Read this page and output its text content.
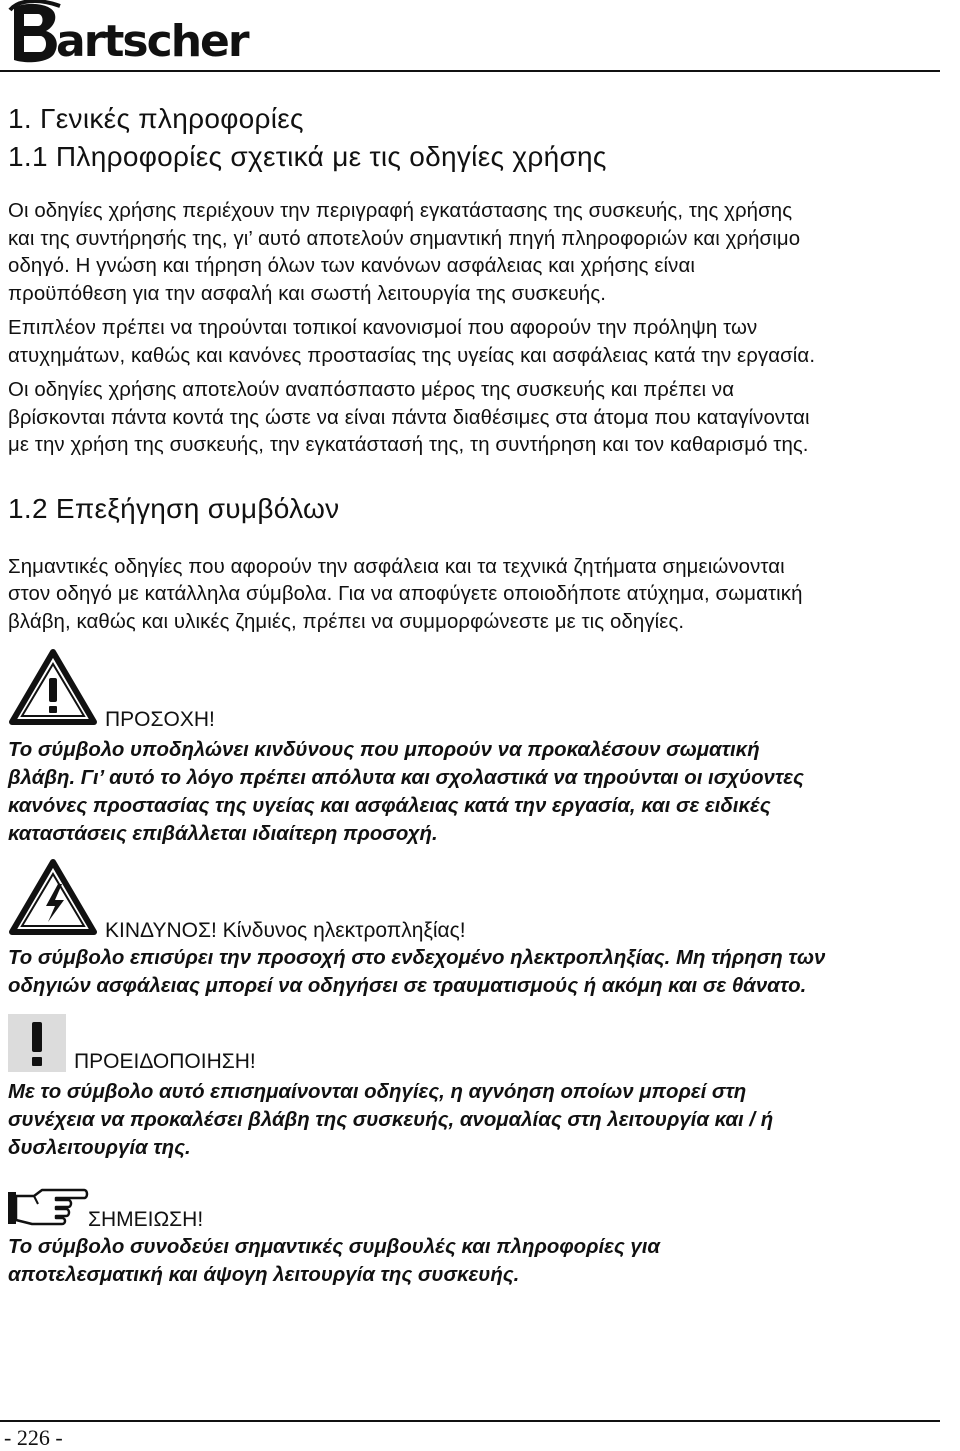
artscher
1. Γενικές πληροφορίες
1.1 Πληροφορίες σχετικά με τις οδηγίες χρήσης

Οι οδηγίες χρήσης περιέχουν την περιγραφή εγκατάστασης της συσκευής, της χρήσης
και της συντήρησής της, γι’ αυτό αποτελούν σημαντική πηγή πληροφοριών και χρήσιμο
οδηγό. Η γνώση και τήρηση όλων των κανόνων ασφάλειας και χρήσης είναι
προϋπόθεση για την ασφαλή και σωστή λειτουργία της συσκευής.

Επιπλέον πρέπει να τηρούνται τοπικοί κανονισμοί που αφορούν την πρόληψη των
ατυχημάτων, καθώς και κανόνες προστασίας της υγείας και ασφάλειας κατά την εργασία.

Οι οδηγίες χρήσης αποτελούν αναπόσπαστο μέρος της συσκευής και πρέπει να
βρίσκονται πάντα κοντά της ώστε να είναι πάντα διαθέσιμες στα άτομα που καταγίνονται
με την χρήση της συσκευής, την εγκατάστασή της, τη συντήρηση και τον καθαρισμό της.

1.2 Επεξήγηση συμβόλων

Σημαντικές οδηγίες που αφορούν την ασφάλεια και τα τεχνικά ζητήματα σημειώνονται
στον οδηγό με κατάλληλα σύμβολα. Για να αποφύγετε οποιοδήποτε ατύχημα, σωματική
βλάβη, καθώς και υλικές ζημιές, πρέπει να συμμορφώνεστε με τις οδηγίες.

ΠΡΟΣΟΧΗ!

Το σύμβολο υποδηλώνει κινδύνους που μπορούν να προκαλέσουν σωματική
βλάβη. Γι’ αυτό το λόγο πρέπει απόλυτα και σχολαστικά να τηρούνται οι ισχύοντες
κανόνες προστασίας της υγείας και ασφάλειας κατά την εργασία, και σε ειδικές
καταστάσεις επιβάλλεται ιδιαίτερη προσοχή.

ΚΙΝΔΥΝΟΣ! Κίνδυνος ηλεκτροπληξίας!

Το σύμβολο επισύρει την προσοχή στο ενδεχομένο ηλεκτροπληξίας. Μη τήρηση των
οδηγιών ασφάλειας μπορεί να οδηγήσει σε τραυματισμούς ή ακόμη και σε θάνατο.

ΠΡΟΕΙΔΟΠΟΙΗΣΗ!

Με το σύμβολο αυτό επισημαίνονται οδηγίες, η αγνόηση οποίων μπορεί στη
συνέχεια να προκαλέσει βλάβη της συσκευής, ανομαλίας στη λειτουργία και / ή
δυσλειτουργία της.

ΣΗΜΕΙΩΣΗ!

Το σύμβολο συνοδεύει σημαντικές συμβουλές και πληροφορίες για
αποτελεσματική και άψογη λειτουργία της συσκευής.

- 226 -
